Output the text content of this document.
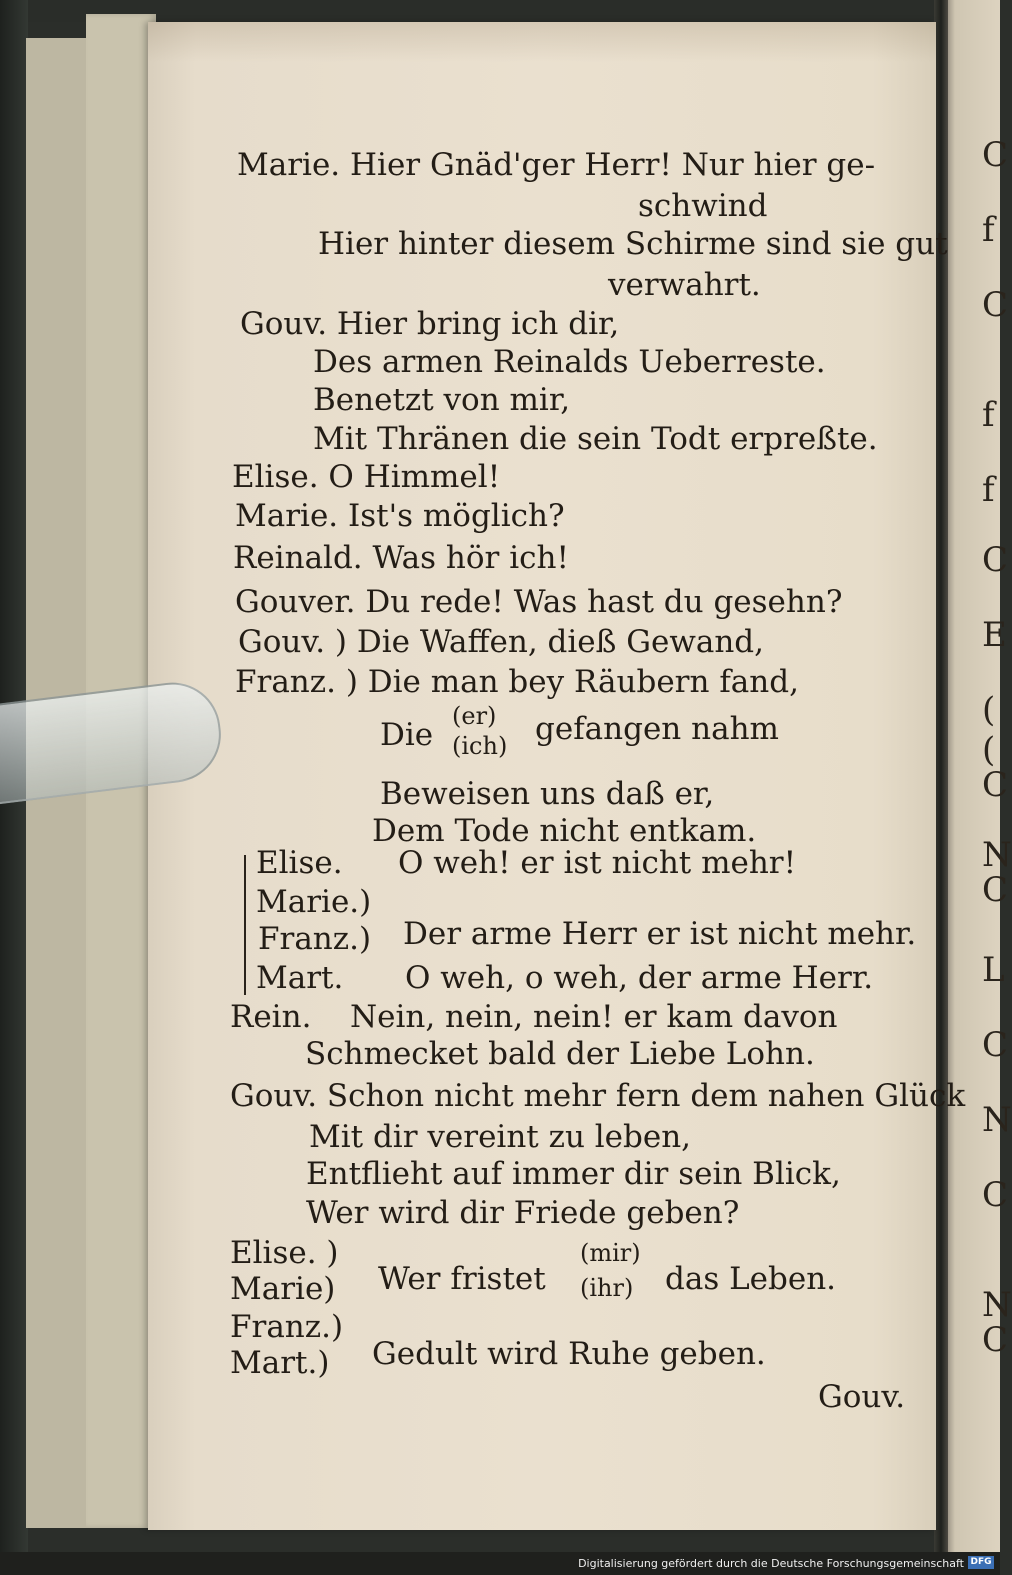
C
f
C
f
f
C
E
(
(
C
N
C
L
C
N
C
N
C

Marie. Hier Gnäd'ger Herr! Nur hier ge-

schwind

Hier hinter diesem Schirme sind sie gut

verwahrt.

Gouv. Hier bring ich dir,

Des armen Reinalds Ueberreste.

Benetzt von mir,

Mit Thränen die sein Todt erpreßte.

Elise. O Himmel!

Marie. Ist's möglich?

Reinald. Was hör ich!

Gouver. Du rede! Was hast du gesehn?

Gouv. ) Die Waffen, dieß Gewand,

Franz. ) Die man bey Räubern fand,

Die

(er)

(ich) gefangen nahm

Beweisen uns daß er,

Dem Tode nicht entkam.

Elise. O weh! er ist nicht mehr!

Marie.)

Franz.) Der arme Herr er ist nicht mehr.

Mart. O weh, o weh, der arme Herr.

Rein. Nein, nein, nein! er kam davon

Schmecket bald der Liebe Lohn.

Gouv. Schon nicht mehr fern dem nahen Glück

Mit dir vereint zu leben,

Entflieht auf immer dir sein Blick,

Wer wird dir Friede geben?

Elise. )

Marie) Wer fristet

(mir)

(ihr) das Leben.

Franz.)

Mart.) Gedult wird Ruhe geben.

Gouv.

Digitalisierung gefördert durch die Deutsche Forschungsgemeinschaft DFG
